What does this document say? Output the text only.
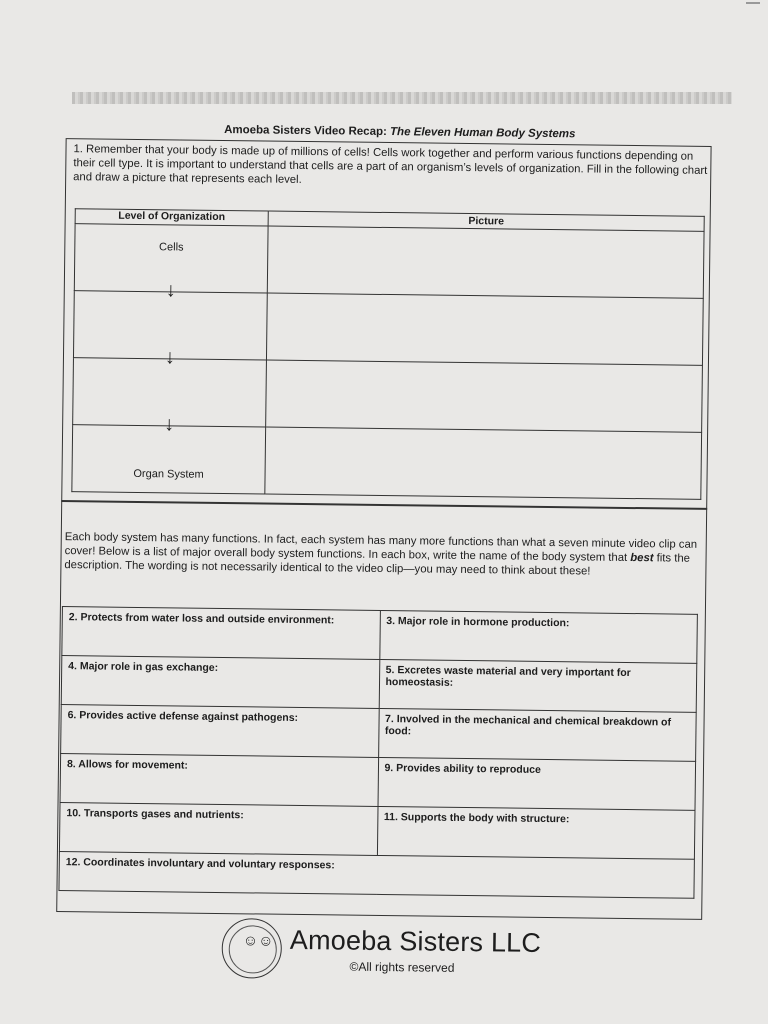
Amoeba Sisters Video Recap: The Eleven Human Body Systems

1. Remember that your body is made up of millions of cells! Cells work together and perform various functions depending on their cell type. It is important to understand that cells are a part of an organism’s levels of organization. Fill in the following chart and draw a picture that represents each level.

Level of Organization	Picture

Cells	

↓	

↓	

↓
Organ System	

Each body system has many functions. In fact, each system has many more functions than what a seven minute video clip can cover! Below is a list of major overall body system functions. In each box, write the name of the body system that best fits the description. The wording is not necessarily identical to the video clip—you may need to think about these!

2. Protects from water loss and outside environment:	3. Major role in hormone production:
4. Major role in gas exchange:	5. Excretes waste material and very important for homeostasis:
6. Provides active defense against pathogens:	7. Involved in the mechanical and chemical breakdown of food:
8. Allows for movement:	9. Provides ability to reproduce
10. Transports gases and nutrients:	11. Supports the body with structure:
12. Coordinates involuntary and voluntary responses:	
☺☺ Amoeba Sisters LLC
©All rights reserved
